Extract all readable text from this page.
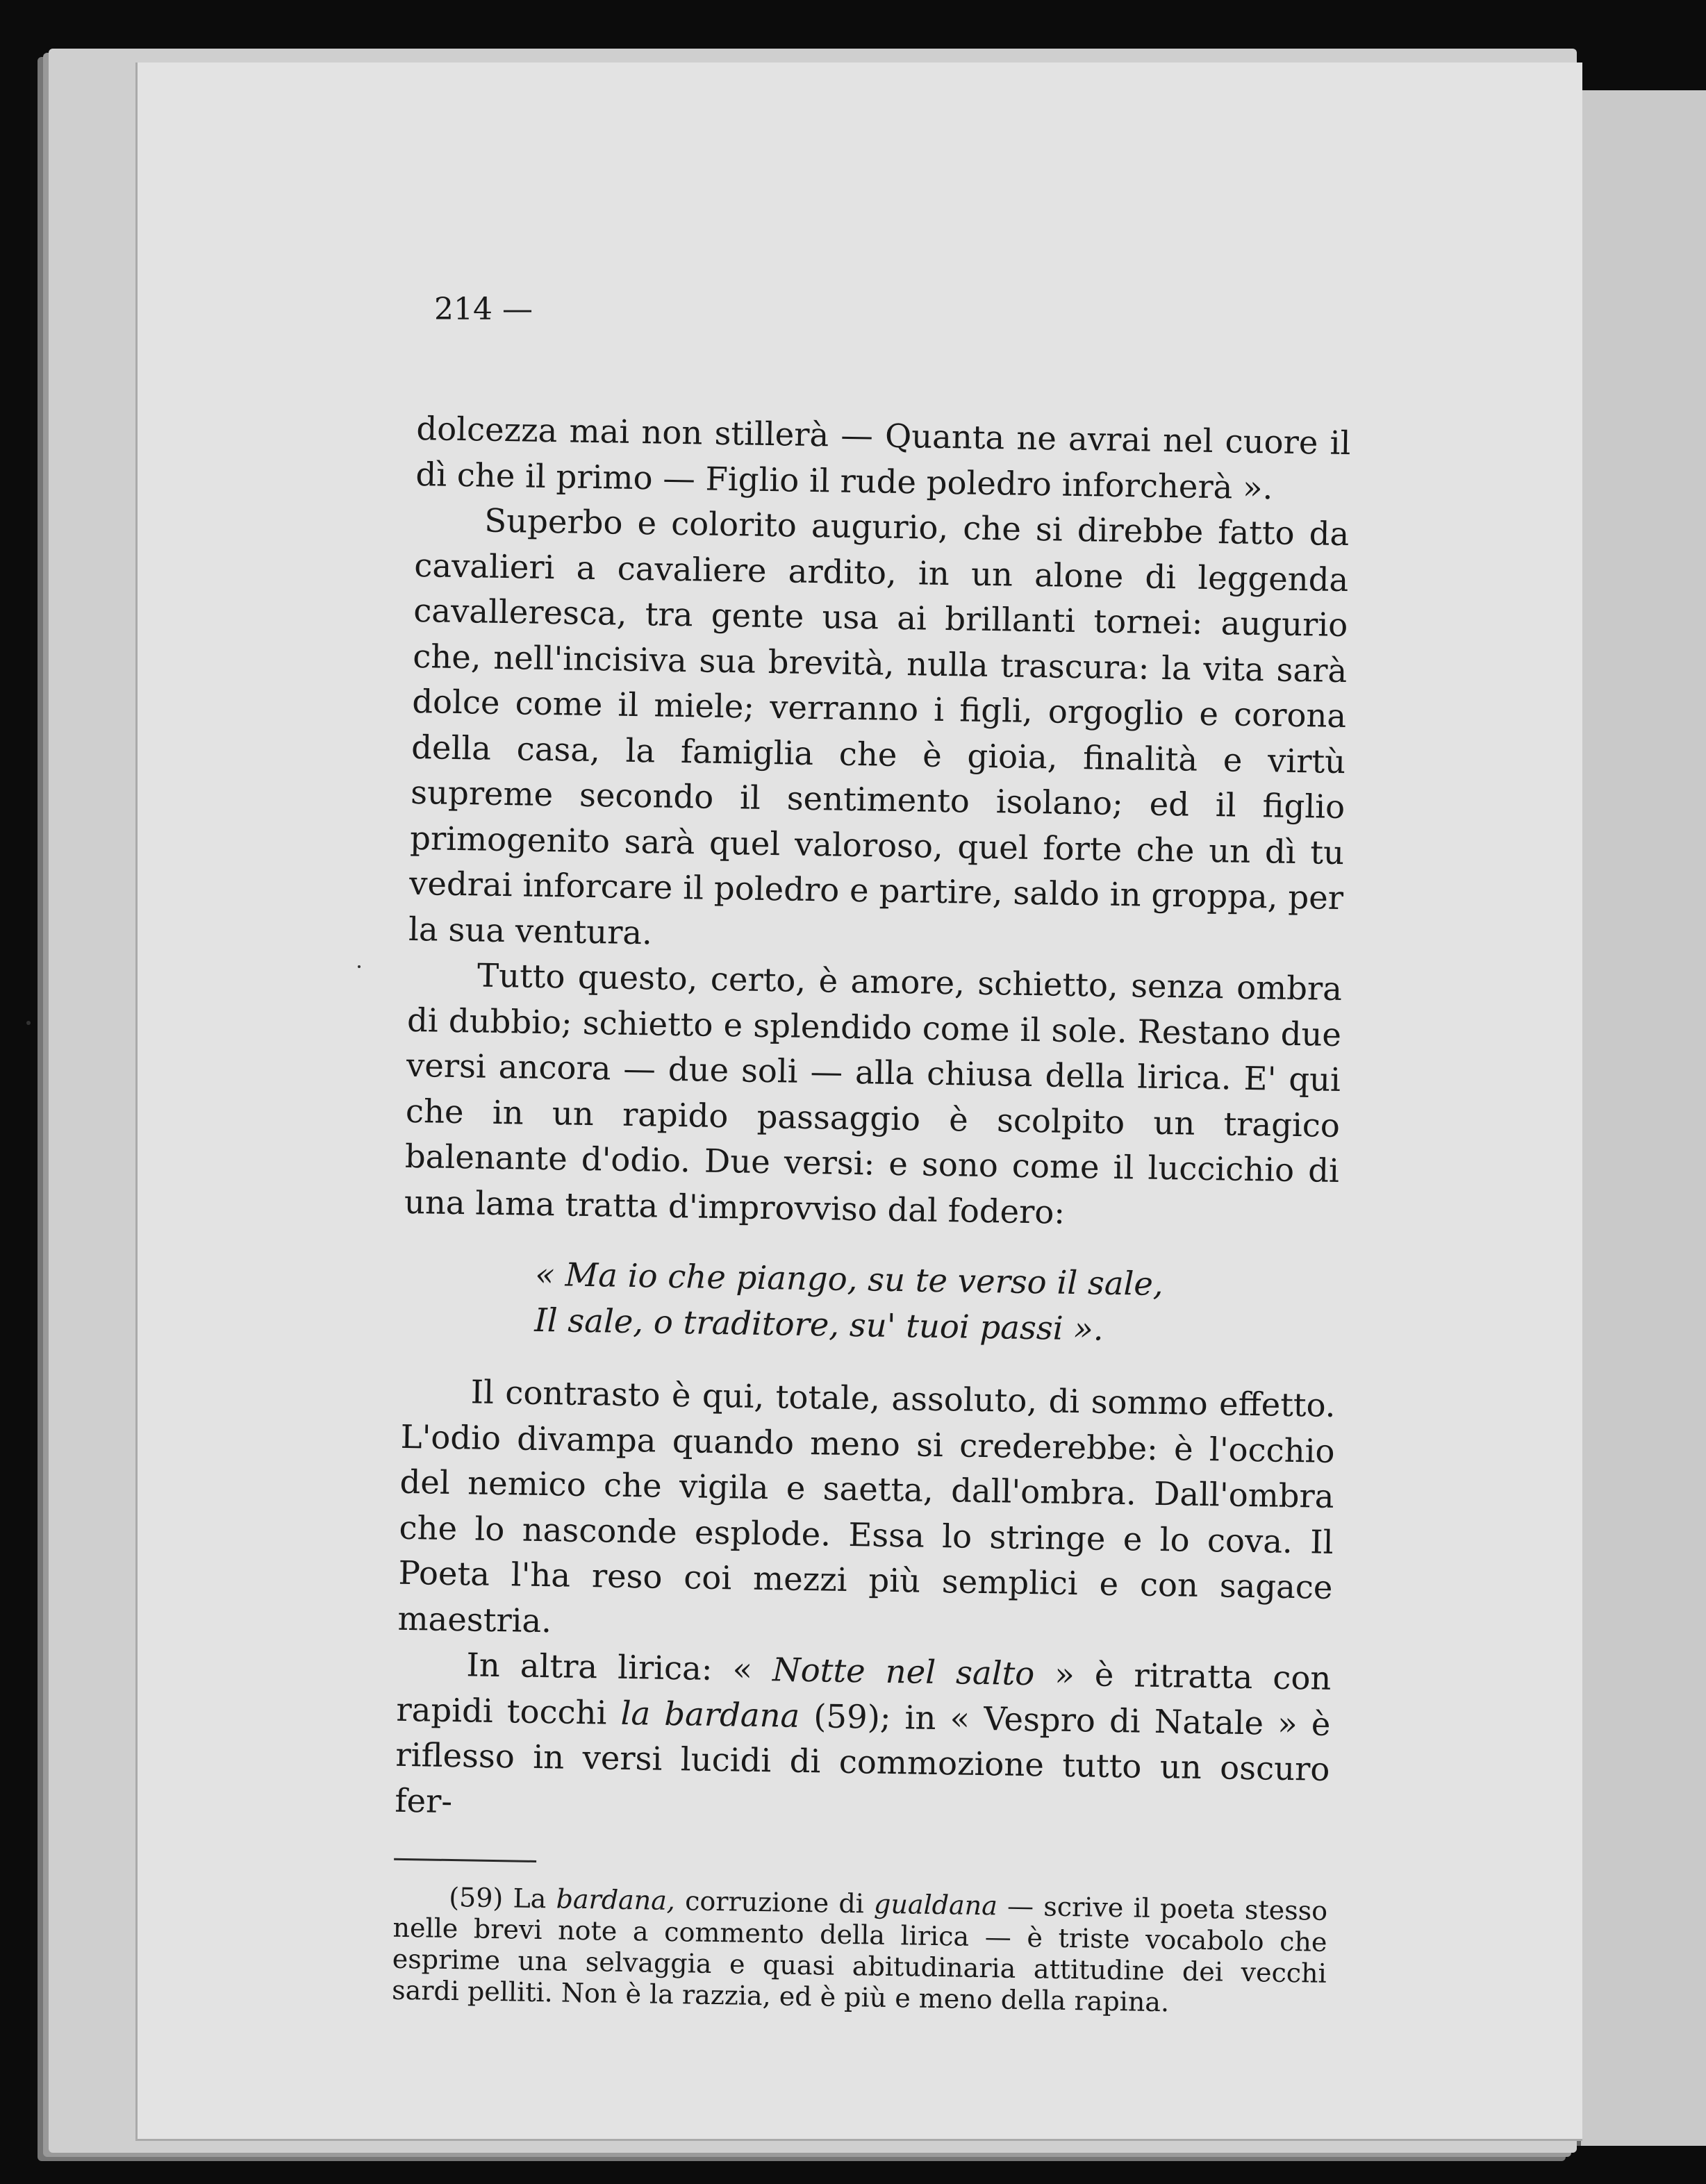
214 —

dolcezza mai non stillerà — Quanta ne avrai nel cuore il dì che il primo — Figlio il rude poledro inforcherà ».

Superbo e colorito augurio, che si direbbe fatto da cavalieri a cavaliere ardito, in un alone di leggenda cavalleresca, tra gente usa ai brillanti tornei: augurio che, nell'incisiva sua brevità, nulla trascura: la vita sarà dolce come il miele; verranno i figli, orgoglio e corona della casa, la famiglia che è gioia, finalità e virtù supreme secondo il sentimento isolano; ed il figlio primogenito sarà quel valoroso, quel forte che un dì tu vedrai inforcare il poledro e partire, saldo in groppa, per la sua ventura.

Tutto questo, certo, è amore, schietto, senza ombra di dubbio; schietto e splendido come il sole. Restano due versi ancora — due soli — alla chiusa della lirica. E' qui che in un rapido passaggio è scolpito un tragico balenante d'odio. Due versi: e sono come il luccichio di una lama tratta d'improvviso dal fodero:

« Ma io che piango, su te verso il sale,
Il sale, o traditore, su' tuoi passi ».

Il contrasto è qui, totale, assoluto, di sommo effetto. L'odio divampa quando meno si crederebbe: è l'occhio del nemico che vigila e saetta, dall'ombra. Dall'ombra che lo nasconde esplode. Essa lo stringe e lo cova. Il Poeta l'ha reso coi mezzi più semplici e con sagace maestria.

In altra lirica: « Notte nel salto » è ritratta con rapidi tocchi la bardana (59); in « Vespro di Natale » è riflesso in versi lucidi di commozione tutto un oscuro fer-

(59) La bardana, corruzione di gualdana — scrive il poeta stesso nelle brevi note a commento della lirica — è triste vocabolo che esprime una selvaggia e quasi abitudinaria attitudine dei vecchi sardi pelliti. Non è la razzia, ed è più e meno della rapina.
